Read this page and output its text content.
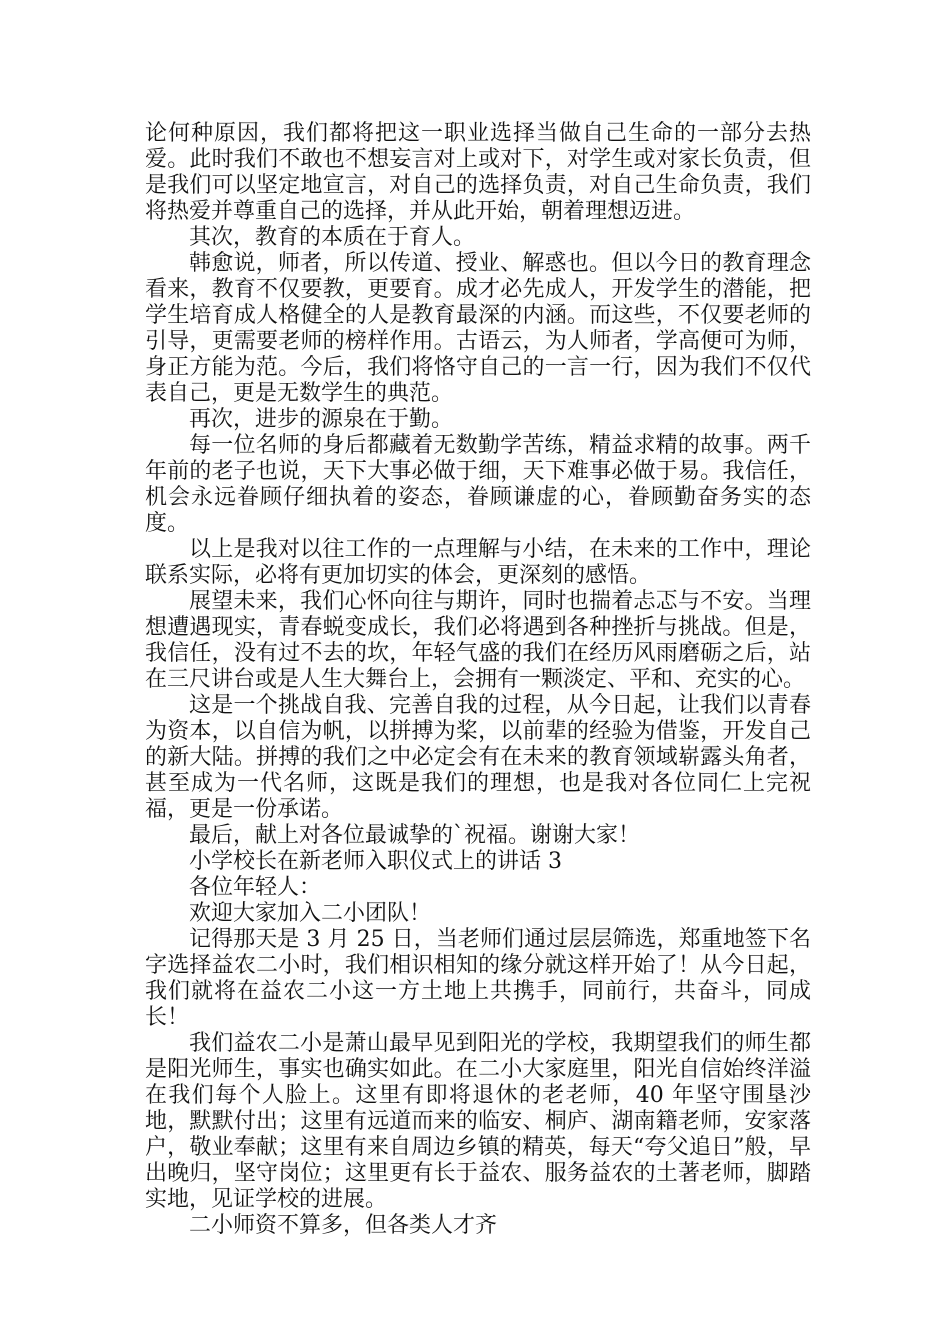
论何种原因，我们都将把这一职业选择当做自己生命的一部分去热爱。此时我们不敢也不想妄言对上或对下，对学生或对家长负责，但是我们可以坚定地宣言，对自己的选择负责，对自己生命负责，我们将热爱并尊重自己的选择，并从此开始，朝着理想迈进。

其次，教育的本质在于育人。

韩愈说，师者，所以传道、授业、解惑也。但以今日的教育理念看来，教育不仅要教，更要育。成才必先成人，开发学生的潜能，把学生培育成人格健全的人是教育最深的内涵。而这些，不仅要老师的引导，更需要老师的榜样作用。古语云，为人师者，学高便可为师，身正方能为范。今后，我们将恪守自己的一言一行，因为我们不仅代表自己，更是无数学生的典范。

再次，进步的源泉在于勤。

每一位名师的身后都藏着无数勤学苦练，精益求精的故事。两千年前的老子也说，天下大事必做于细，天下难事必做于易。我信任，机会永远眷顾仔细执着的姿态，眷顾谦虚的心，眷顾勤奋务实的态度。

以上是我对以往工作的一点理解与小结，在未来的工作中，理论联系实际，必将有更加切实的体会，更深刻的感悟。

展望未来，我们心怀向往与期许，同时也揣着忐忑与不安。当理想遭遇现实，青春蜕变成长，我们必将遇到各种挫折与挑战。但是，我信任，没有过不去的坎，年轻气盛的我们在经历风雨磨砺之后，站在三尺讲台或是人生大舞台上，会拥有一颗淡定、平和、充实的心。

这是一个挑战自我、完善自我的过程，从今日起，让我们以青春为资本，以自信为帆，以拼搏为桨，以前辈的经验为借鉴，开发自己的新大陆。拼搏的我们之中必定会有在未来的教育领域崭露头角者，甚至成为一代名师，这既是我们的理想，也是我对各位同仁上完祝福，更是一份承诺。

最后，献上对各位最诚挚的`祝福。谢谢大家！

小学校长在新老师入职仪式上的讲话 3

各位年轻人：

欢迎大家加入二小团队！

记得那天是 3 月 25 日，当老师们通过层层筛选，郑重地签下名字选择益农二小时，我们相识相知的缘分就这样开始了！从今日起，我们就将在益农二小这一方土地上共携手，同前行，共奋斗，同成长！

我们益农二小是萧山最早见到阳光的学校，我期望我们的师生都是阳光师生，事实也确实如此。在二小大家庭里，阳光自信始终洋溢在我们每个人脸上。这里有即将退休的老老师，40 年坚守围垦沙地，默默付出；这里有远道而来的临安、桐庐、湖南籍老师，安家落户，敬业奉献；这里有来自周边乡镇的精英，每天“夸父追日”般，早出晚归，坚守岗位；这里更有长于益农、服务益农的土著老师，脚踏实地，见证学校的进展。

二小师资不算多，但各类人才齐
